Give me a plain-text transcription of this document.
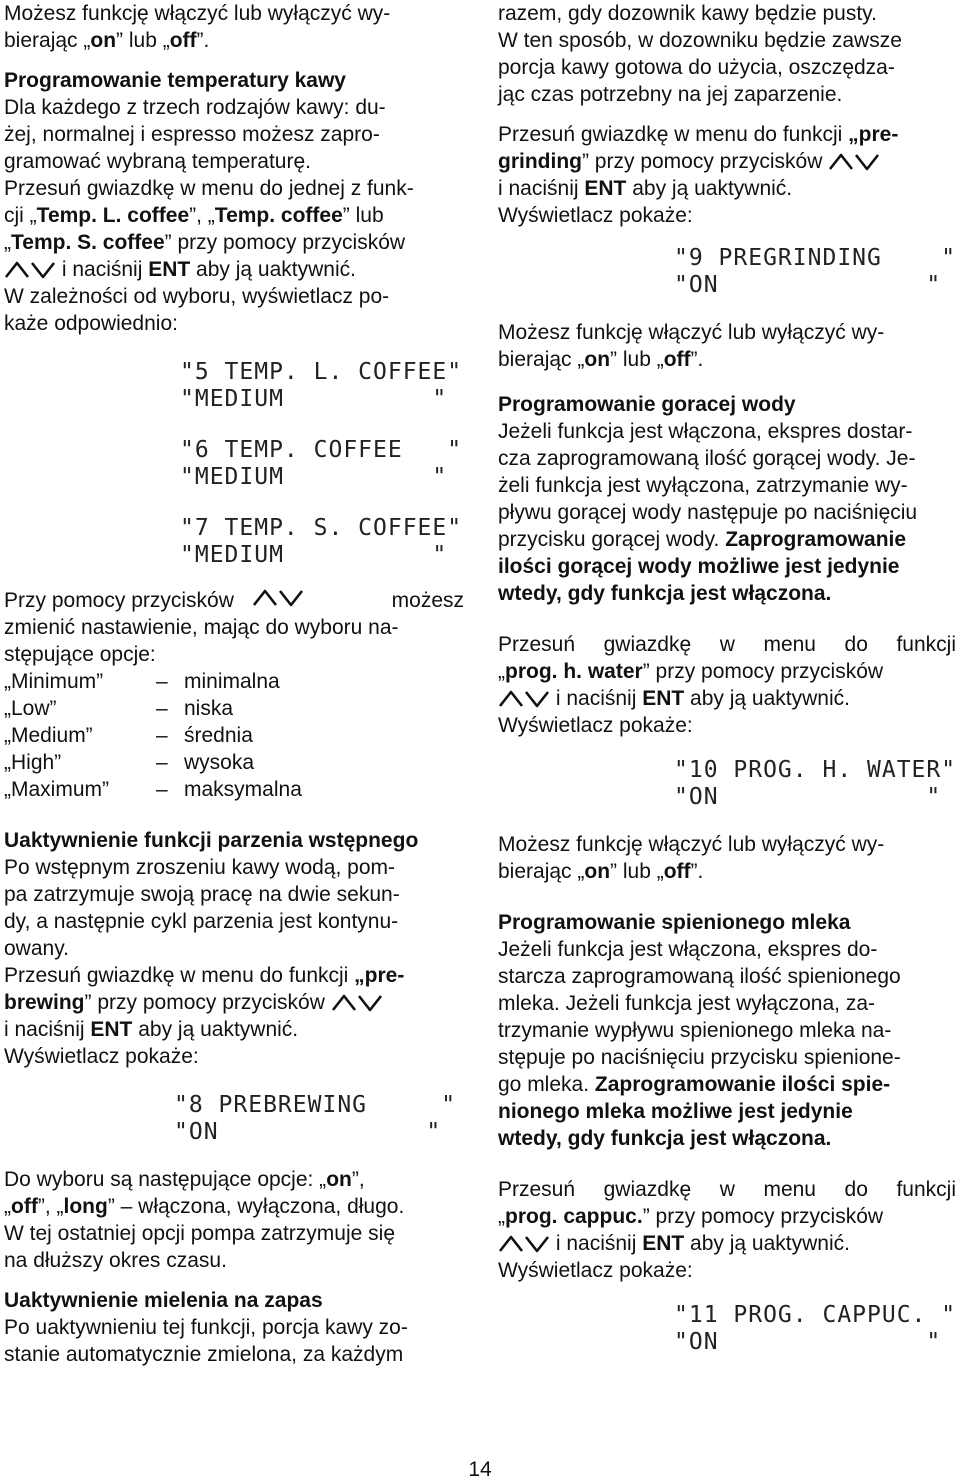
Możesz funkcję włączyć lub wyłączyć wy-

bierając „on” lub „off”.

Programowanie temperatury kawy

Dla każdego z trzech rodzajów kawy: du-

żej, normalnej i espresso możesz zapro-

gramować wybraną temperaturę.

Przesuń gwiazdkę w menu do jednej z funk-

cji „Temp. L. coffee”, „Temp. coffee” lub

„Temp. S. coffee” przy pomocy przycisków

i naciśnij ENT aby ją uaktywnić.

W zależności od wyboru, wyświetlacz po-

każe odpowiednio:

"5 TEMP. L. COFFEE"
"MEDIUM          "
"6 TEMP. COFFEE   "
"MEDIUM          "
"7 TEMP. S. COFFEE"
"MEDIUM          "

Przy pomocy przycisków	możesz

zmienić nastawienie, mając do wyboru na-

stępujące opcje:

„Minimum”	– minimalna
„Low”	– niska
„Medium”	– średnia
„High”	– wysoka
„Maximum”	– maksymalna

Uaktywnienie funkcji parzenia wstępnego

Po wstępnym zroszeniu kawy wodą, pom-

pa zatrzymuje swoją pracę na dwie sekun-

dy, a następnie cykl parzenia jest kontynu-

owany.

Przesuń gwiazdkę w menu do funkcji „pre-

brewing” przy pomocy przycisków

i naciśnij ENT aby ją uaktywnić.

Wyświetlacz pokaże:

"8 PREBREWING     "
"ON              "

Do wyboru są następujące opcje: „on”,

„off”, „long” – włączona, wyłączona, długo.

W tej ostatniej opcji pompa zatrzymuje się

na dłuższy okres czasu.

Uaktywnienie mielenia na zapas

Po uaktywnieniu tej funkcji, porcja kawy zo-

stanie automatycznie zmielona, za każdym

razem, gdy dozownik kawy będzie pusty.

W ten sposób, w dozowniku będzie zawsze

porcja kawy gotowa do użycia, oszczędza-

jąc czas potrzebny na jej zaparzenie.

Przesuń gwiazdkę w menu do funkcji „pre-

grinding” przy pomocy przycisków

i naciśnij ENT aby ją uaktywnić.

Wyświetlacz pokaże:

"9 PREGRINDING    "
"ON              "

Możesz funkcję włączyć lub wyłączyć wy-

bierając „on” lub „off”.

Programowanie goracej wody

Jeżeli funkcja jest włączona, ekspres dostar-

cza zaprogramowaną ilość gorącej wody. Je-

żeli funkcja jest wyłączona, zatrzymanie wy-

pływu gorącej wody następuje po naciśnięciu

przycisku gorącej wody. Zaprogramowanie

ilości gorącej wody możliwe jest jedynie

wtedy, gdy funkcja jest włączona.

Przesuń gwiazdkę w menu do funkcji

„prog. h. water” przy pomocy przycisków

i naciśnij ENT aby ją uaktywnić.

Wyświetlacz pokaże:

"10 PROG. H. WATER"
"ON              "

Możesz funkcję włączyć lub wyłączyć wy-

bierając „on” lub „off”.

Programowanie spienionego mleka

Jeżeli funkcja jest włączona, ekspres do-

starcza zaprogramowaną ilość spienionego

mleka. Jeżeli funkcja jest wyłączona, za-

trzymanie wypływu spienionego mleka na-

stępuje po naciśnięciu przycisku spienione-

go mleka. Zaprogramowanie ilości spie-

nionego mleka możliwe jest jedynie

wtedy, gdy funkcja jest włączona.

Przesuń gwiazdkę w menu do funkcji

„prog. cappuc.” przy pomocy przycisków

i naciśnij ENT aby ją uaktywnić.

Wyświetlacz pokaże:

"11 PROG. CAPPUC. "
"ON              "
14
